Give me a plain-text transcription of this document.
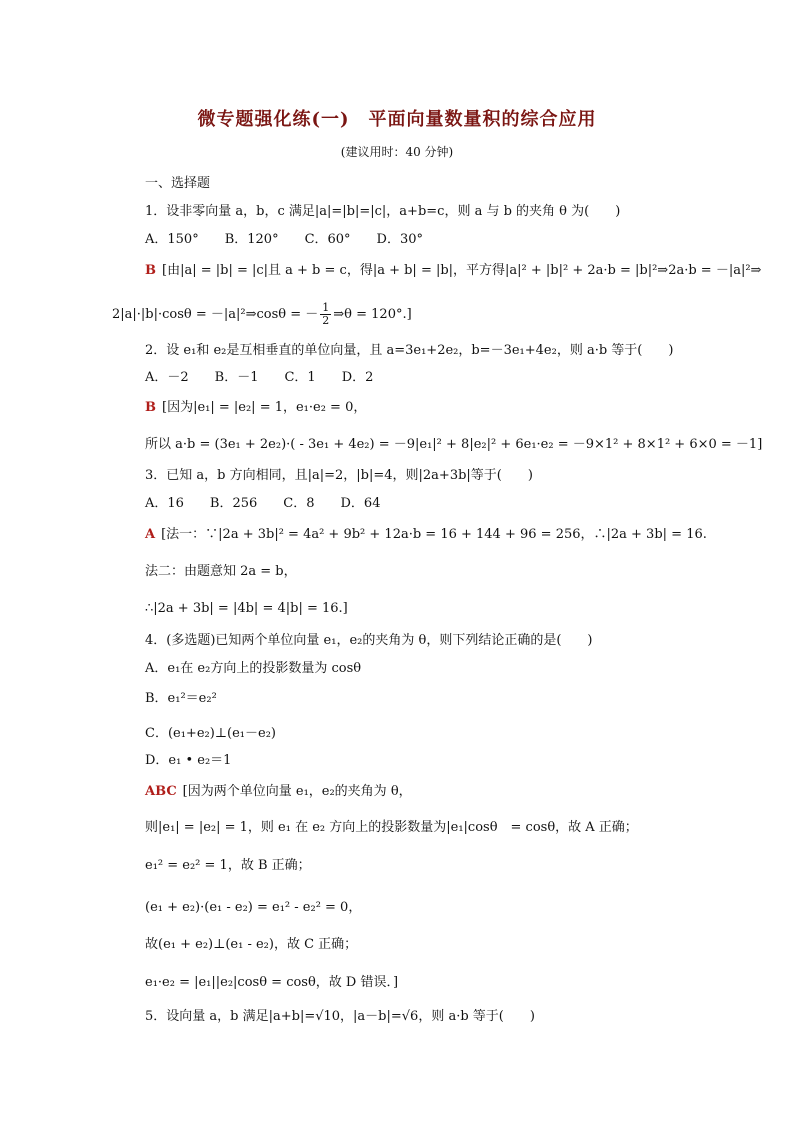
微专题强化练(一)　平面向量数量积的综合应用
(建议用时：40 分钟)
一、选择题
1．设非零向量 a，b，c 满足|a|=|b|=|c|，a+b=c，则 a 与 b 的夹角 θ 为(　　)
A．150°　　B．120°　　C．60°　　D．30°
B [由|a| = |b| = |c|且 a + b = c，得|a + b| = |b|，平方得|a|² + |b|² + 2a·b = |b|²⇒2a·b = －|a|²⇒
2|a|·|b|·cosθ = －|a|²⇒cosθ = － $\frac{1}{2}$ ⇒θ = 120°.]
2．设 e₁和 e₂是互相垂直的单位向量，且 a=3e₁+2e₂，b=－3e₁+4e₂，则 a·b 等于(　　)
A．－2　　B．－1　　C．1　　D．2
B [因为|e₁| = |e₂| = 1，e₁·e₂ = 0，
所以 a·b = (3e₁ + 2e₂)·( - 3e₁ + 4e₂) = －9|e₁|² + 8|e₂|² + 6e₁·e₂ = －9×1² + 8×1² + 6×0 = －1]
3．已知 a，b 方向相同，且|a|=2，|b|=4，则|2a+3b|等于(　　)
A．16　　B．256　　C．8　　D．64
A [法一：∵|2a + 3b|² = 4a² + 9b² + 12a·b = 16 + 144 + 96 = 256，∴|2a + 3b| = 16.
法二：由题意知 2a = b，
∴|2a + 3b| = |4b| = 4|b| = 16.]
4．(多选题)已知两个单位向量 e₁，e₂的夹角为 θ，则下列结论正确的是(　　)
A．e₁在 e₂方向上的投影数量为 cosθ
B．e₁²＝e₂²
C．(e₁+e₂)⊥(e₁－e₂)
D．e₁ • e₂＝1
ABC [因为两个单位向量 e₁，e₂的夹角为 θ，
则|e₁| = |e₂| = 1，则 e₁ 在 e₂ 方向上的投影数量为|e₁|cosθ　= cosθ，故 A 正确；
e₁² = e₂² = 1，故 B 正确；
(e₁ + e₂)·(e₁ - e₂) = e₁² - e₂² = 0，
故(e₁ + e₂)⊥(e₁ - e₂)，故 C 正确；
e₁·e₂ = |e₁||e₂|cosθ = cosθ，故 D 错误．]
5．设向量 a，b 满足|a+b|=√10，|a－b|=√6，则 a·b 等于(　　)
